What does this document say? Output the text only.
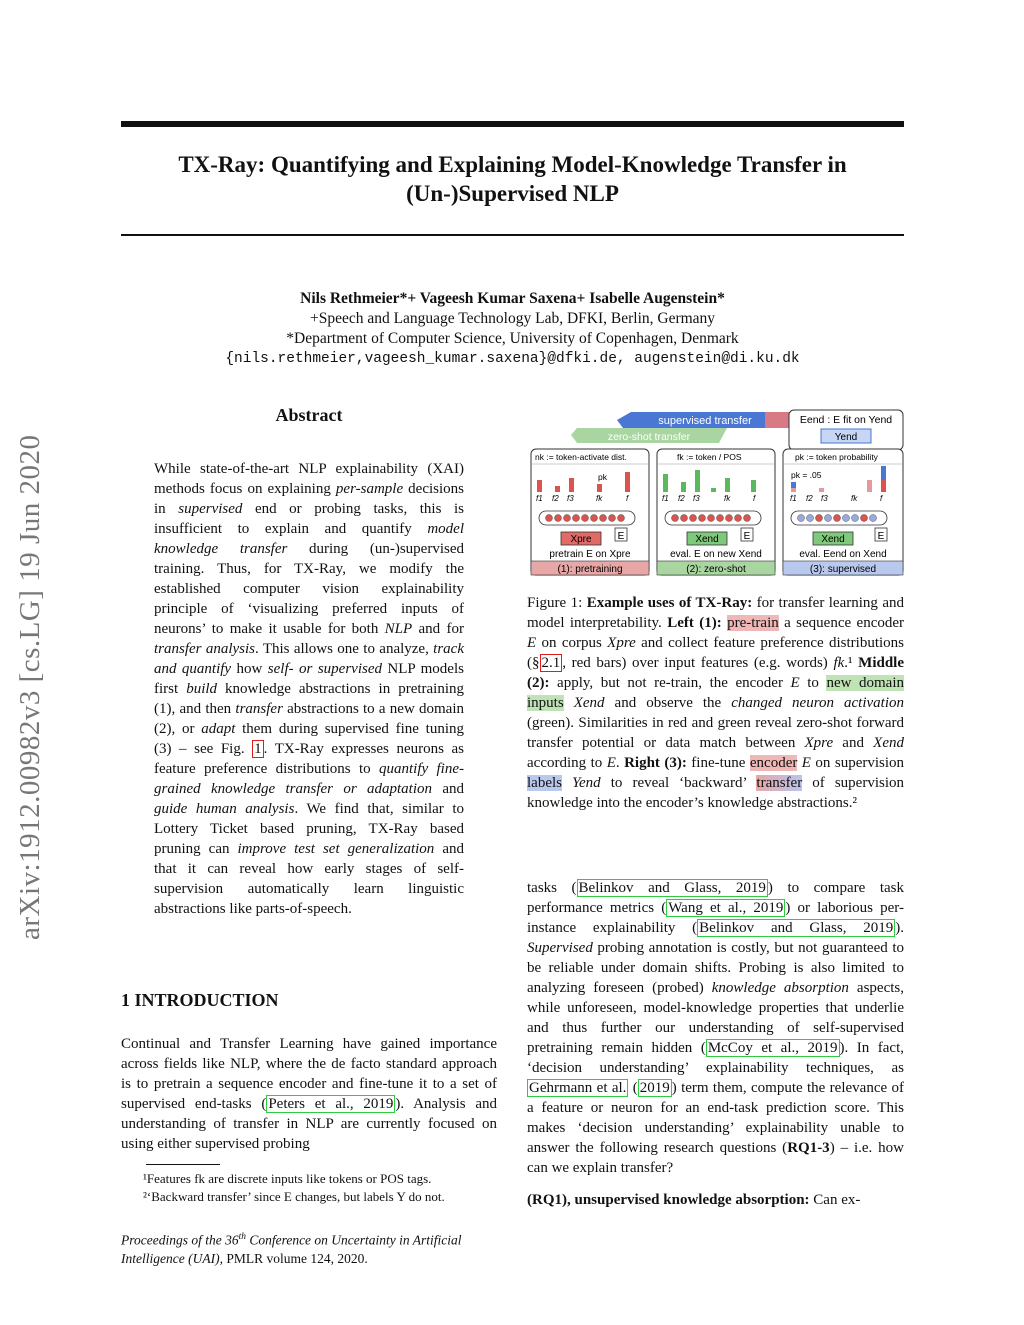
TX-Ray: Quantifying and Explaining Model-Knowledge Transfer in
(Un-)Supervised NLP
Nils Rethmeier*+ Vageesh Kumar Saxena+ Isabelle Augenstein*
+Speech and Language Technology Lab, DFKI, Berlin, Germany
*Department of Computer Science, University of Copenhagen, Denmark
{nils.rethmeier,vageesh_kumar.saxena}@dfki.de, augenstein@di.ku.dk
arXiv:1912.00982v3 [cs.LG] 19 Jun 2020
Abstract
While state-of-the-art NLP explainability (XAI) methods focus on explaining per-sample decisions in supervised end or probing tasks, this is insufficient to explain and quantify model knowledge transfer during (un-)supervised training. Thus, for TX-Ray, we modify the established computer vision explainability principle of ‘visualizing preferred inputs of neurons’ to make it usable for both NLP and for transfer analysis. This allows one to analyze, track and quantify how self- or supervised NLP models first build knowledge abstractions in pretraining (1), and then transfer abstractions to a new domain (2), or adapt them during supervised fine tuning (3) – see Fig. 1 . TX-Ray expresses neurons as feature preference distributions to quantify fine-grained knowledge transfer or adaptation and guide human analysis. We find that, similar to Lottery Ticket based pruning, TX-Ray based pruning can improve test set generalization and that it can reveal how early stages of self-supervision automatically learn linguistic abstractions like parts-of-speech.
1 INTRODUCTION
Continual and Transfer Learning have gained importance across fields like NLP, where the de facto standard approach is to pretrain a sequence encoder and fine-tune it to a set of supervised end-tasks ( Peters et al., 2019 ). Analysis and understanding of transfer in NLP are currently focused on using either supervised probing
¹Features fk are discrete inputs like tokens or POS tags.
²‘Backward transfer’ since E changes, but labels Y do not.
Proceedings of the 36th Conference on Uncertainty in Artificial
Intelligence (UAI), PMLR volume 124, 2020.
supervised transfer
zero-shot transfer
Eend : E fit on Yend
Yend
nk := token-activate dist.
pk
f1 f2 f3	fk	f
Xpre	E
pretrain E on Xpre
(1): pretraining
fk := token / POS
f1 f2 f3	fk	f
Xend E
eval. E on new Xend
(2): zero-shot
pk := token probability
pk = .05
f1 f2 f3	fk	f
Xend	E
eval. Eend on Xend
(3): supervised
Figure 1: Example uses of TX-Ray: for transfer learning and model interpretability. Left (1): pre-train a sequence encoder E on corpus Xpre and collect feature preference distributions (§ 2.1 , red bars) over input features (e.g. words) fk.¹ Middle (2): apply, but not re-train, the encoder E to new domain inputs Xend and observe the changed neuron activation (green). Similarities in red and green reveal zero-shot forward transfer potential or data match between Xpre and Xend according to E. Right (3): fine-tune encoder E on supervision labels Yend to reveal ‘backward’ transfer of supervision knowledge into the encoder’s knowledge abstractions.²
tasks ( Belinkov and Glass, 2019 ) to compare task performance metrics ( Wang et al., 2019 ) or laborious per-instance explainability ( Belinkov and Glass, 2019 ). Supervised probing annotation is costly, but not guaranteed to be reliable under domain shifts. Probing is also limited to analyzing foreseen (probed) knowledge absorption aspects, while unforeseen, model-knowledge properties that underlie and thus further our understanding of self-supervised pretraining remain hidden ( McCoy et al., 2019 ). In fact, ‘decision understanding’ explainability techniques, as Gehrmann et al. ( 2019 ) term them, compute the relevance of a feature or neuron for an end-task prediction score. This makes ‘decision understanding’ explainability unable to answer the following research questions (RQ1-3) – i.e. how can we explain transfer?
(RQ1), unsupervised knowledge absorption: Can ex-
